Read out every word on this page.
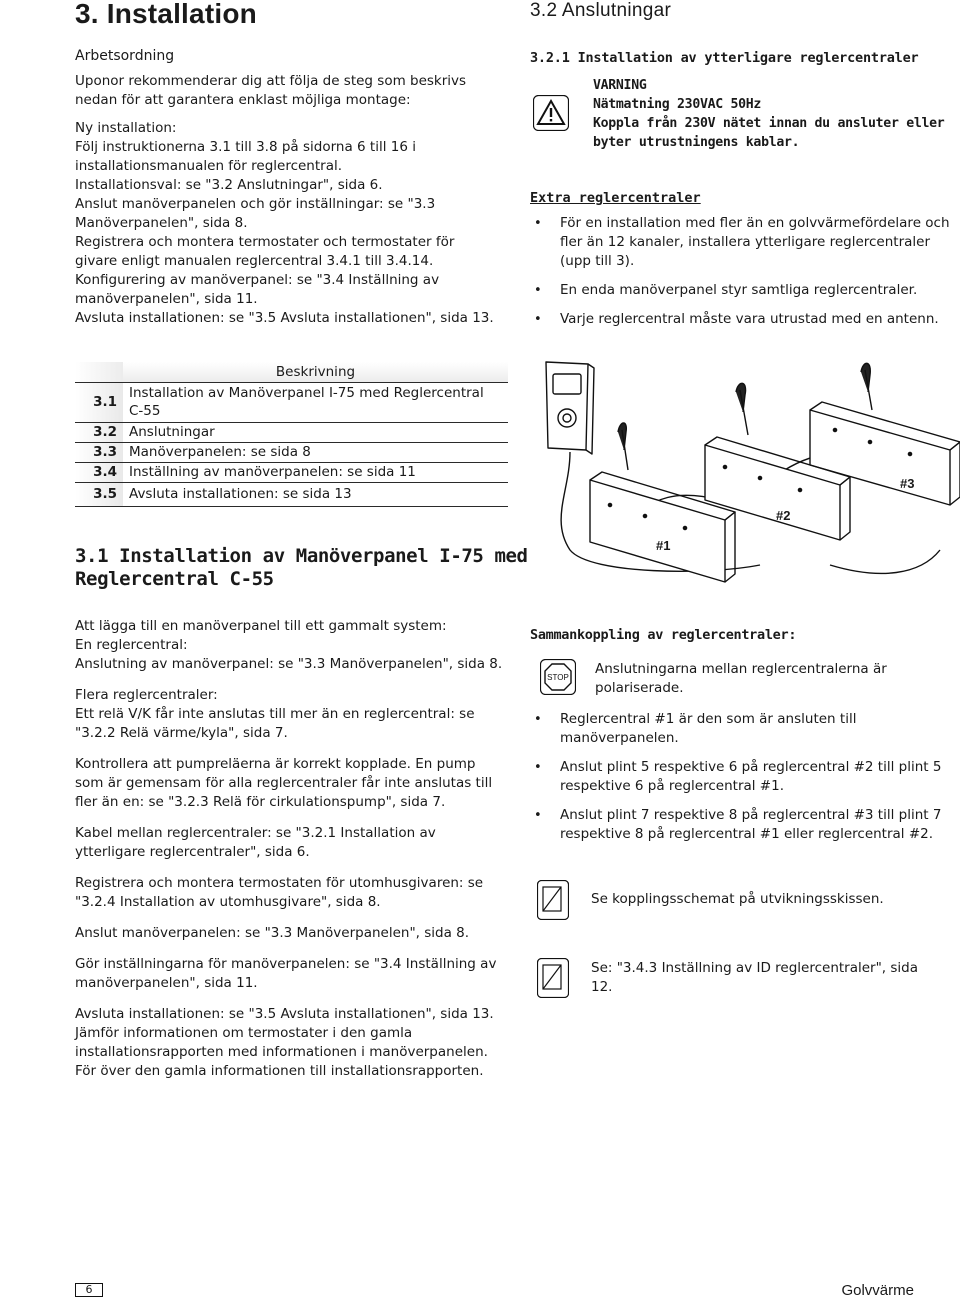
3. Installation
Arbetsordning
Uponor rekommenderar dig att följa de steg som beskrivs nedan för att garantera enklast möjliga montage:

Ny installation:

Följ instruktionerna 3.1 till 3.8 på sidorna 6 till 16 i installationsmanualen för reglercentral.

Installationsval: se "3.2 Anslutningar", sida 6.

Anslut manöverpanelen och gör inställningar: se "3.3 Manöverpanelen", sida 8.

Registrera och montera termostater och termostater för givare enligt manualen reglercentral 3.4.1 till 3.4.14.

Konfigurering av manöverpanel: se "3.4 Inställning av manöverpanelen", sida 11.

Avsluta installationen: se "3.5 Avsluta installationen", sida 13.

	Beskrivning
3.1	Installation av Manöverpanel I-75 med Reglercentral C-55
3.2	Anslutningar
3.3	Manöverpanelen: se sida 8
3.4	Inställning av manöverpanelen: se sida 11
3.5	Avsluta installationen: se sida 13
3.1 Installation av Manöverpanel I-75 med
Reglercentral C-55

Att lägga till en manöverpanel till ett gammalt system:

En reglercentral:

Anslutning av manöverpanel: se "3.3 Manöverpanelen", sida 8.

Flera reglercentraler:

Ett relä V/K får inte anslutas till mer än en reglercentral: se "3.2.2 Relä värme/kyla", sida 7.

Kontrollera att pumpreläerna är korrekt kopplade. En pump som är gemensam för alla reglercentraler får inte anslutas till fler än en: se "3.2.3 Relä för cirkulationspump", sida 7.

Kabel mellan reglercentraler: se "3.2.1 Installation av ytterligare reglercentraler", sida 6.

Registrera och montera termostaten för utomhusgivaren: se "3.2.4 Installation av utomhusgivare", sida 8.

Anslut manöverpanelen: se "3.3 Manöverpanelen", sida 8.

Gör inställningarna för manöverpanelen: se "3.4 Inställning av manöverpanelen", sida 11.

Avsluta installationen: se "3.5 Avsluta installationen", sida 13. Jämför informationen om termostater i den gamla installationsrapporten med informationen i manöverpanelen. För över den gamla informationen till installationsrapporten.

3.2 Anslutningar
3.2.1 Installation av ytterligare reglercentraler
VARNING
Nätmatning 230VAC 50Hz
Koppla från 230V nätet innan du ansluter eller byter utrustningens kablar.
Extra reglercentraler
• För en installation med fler än en golvvärmefördelare och fler än 12 kanaler, installera ytterligare reglercentraler (upp till 3).
• En enda manöverpanel styr samtliga reglercentraler.
• Varje reglercentral måste vara utrustad med en antenn.
#1
#2
#3
Sammankoppling av reglercentraler:
STOP
Anslutningarna mellan reglercentralerna är polariserade.
• Reglercentral #1 är den som är ansluten till manöverpanelen.
• Anslut plint 5 respektive 6 på reglercentral #2 till plint 5 respektive 6 på reglercentral #1.
• Anslut plint 7 respektive 8 på reglercentral #3 till plint 7 respektive 8 på reglercentral #1 eller reglercentral #2.
Se kopplingsschemat på utvikningsskissen.
Se: "3.4.3 Inställning av ID reglercentraler", sida 12.
6	Golvvärme
